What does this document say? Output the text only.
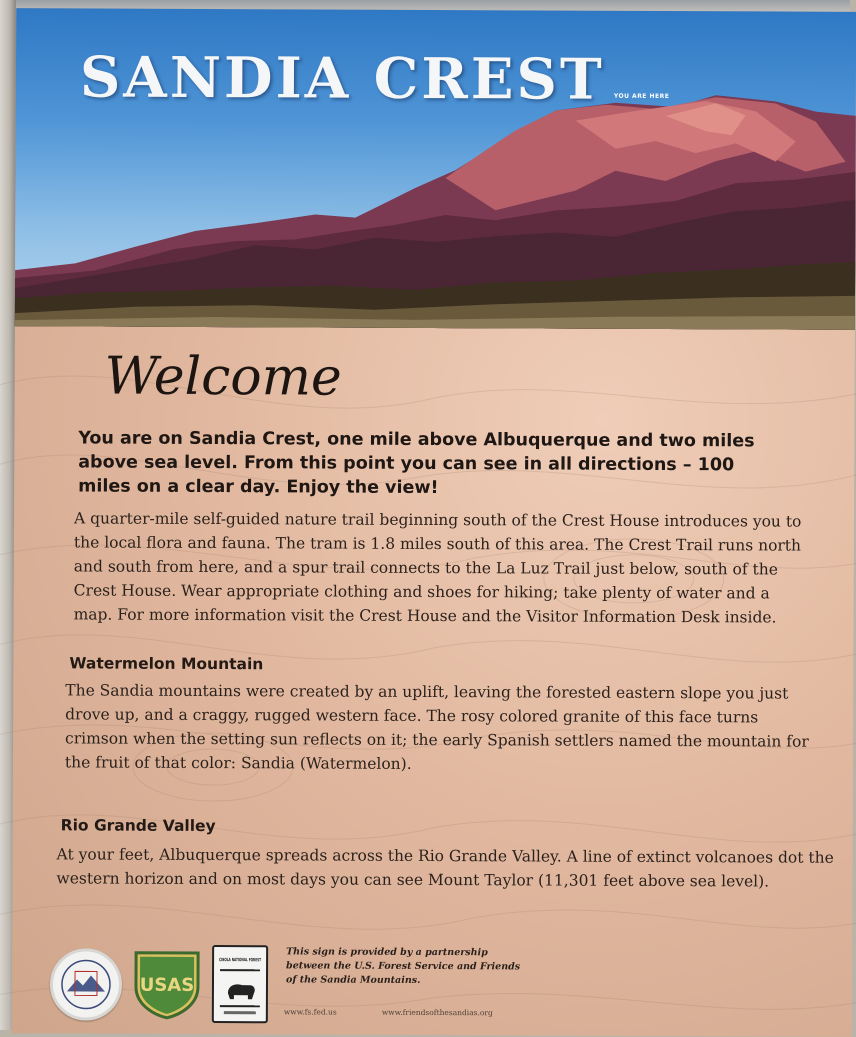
SANDIA CREST YOU ARE HERE
Welcome

You are on Sandia Crest, one mile above Albuquerque and two miles above sea level. From this point you can see in all directions – 100 miles on a clear day. Enjoy the view!

A quarter-mile self-guided nature trail beginning south of the Crest House introduces you to the local flora and fauna. The tram is 1.8 miles south of this area. The Crest Trail runs north and south from here, and a spur trail connects to the La Luz Trail just below, south of the Crest House. Wear appropriate clothing and shoes for hiking; take plenty of water and a map. For more information visit the Crest House and the Visitor Information Desk inside.

Watermelon Mountain

The Sandia mountains were created by an uplift, leaving the forested eastern slope you just drove up, and a craggy, rugged western face. The rosy colored granite of this face turns crimson when the setting sun reflects on it; the early Spanish settlers named the mountain for the fruit of that color: Sandia (Watermelon).

Rio Grande Valley

At your feet, Albuquerque spreads across the Rio Grande Valley. A line of extinct volcanoes dot the western horizon and on most days you can see Mount Taylor (11,301 feet above sea level).

USAS
CIBOLA NATIONAL FOREST

This sign is provided by a partnership between the U.S. Forest Service and Friends of the Sandia Mountains.

www.fs.fed.us	www.friendsofthesandias.org
